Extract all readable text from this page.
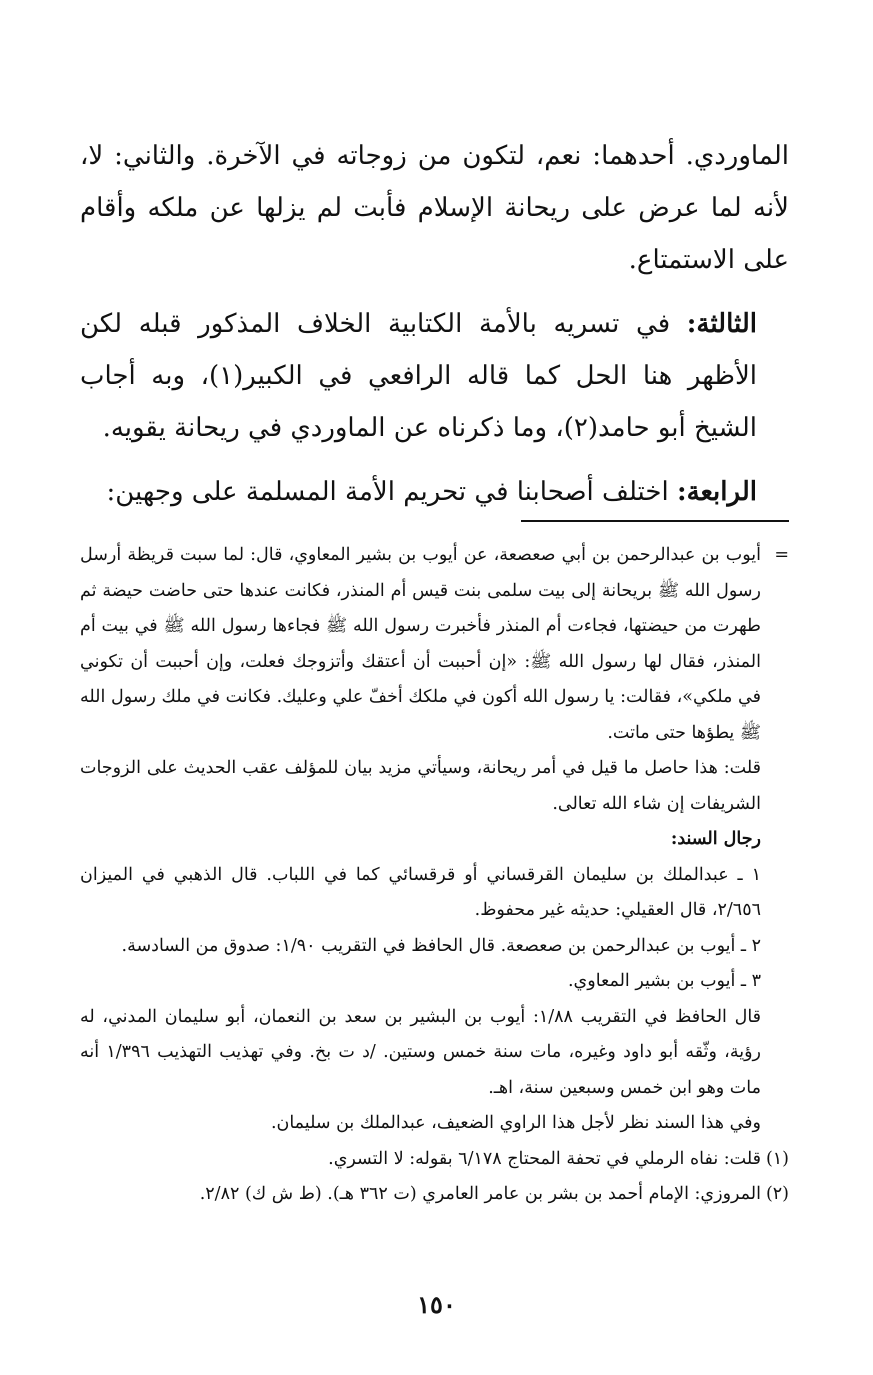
الماوردي. أحدهما: نعم، لتكون من زوجاته في الآخرة. والثاني: لا، لأنه لما عرض على ريحانة الإسلام فأبت لم يزلها عن ملكه وأقام على الاستمتاع.

الثالثة: في تسريه بالأمة الكتابية الخلاف المذكور قبله لكن الأظهر هنا الحل كما قاله الرافعي في الكبير(١)، وبه أجاب الشيخ أبو حامد(٢)، وما ذكرناه عن الماوردي في ريحانة يقويه.

الرابعة: اختلف أصحابنا في تحريم الأمة المسلمة على وجهين:

=

أيوب بن عبدالرحمن بن أبي صعصعة، عن أيوب بن بشير المعاوي، قال: لما سبت قريظة أرسل رسول الله ﷺ بريحانة إلى بيت سلمى بنت قيس أم المنذر، فكانت عندها حتى حاضت حيضة ثم طهرت من حيضتها، فجاءت أم المنذر فأخبرت رسول الله ﷺ فجاءها رسول الله ﷺ في بيت أم المنذر، فقال لها رسول الله ﷺ: «إن أحببت أن أعتقك وأتزوجك فعلت، وإن أحببت أن تكوني في ملكي»، فقالت: يا رسول الله أكون في ملكك أخفّ علي وعليك. فكانت في ملك رسول الله ﷺ يطؤها حتى ماتت.

قلت: هذا حاصل ما قيل في أمر ريحانة، وسيأتي مزيد بيان للمؤلف عقب الحديث على الزوجات الشريفات إن شاء الله تعالى.

رجال السند:

١ ـ عبدالملك بن سليمان القرقساني أو قرقسائي كما في اللباب. قال الذهبي في الميزان ٢/٦٥٦، قال العقيلي: حديثه غير محفوظ.

٢ ـ أيوب بن عبدالرحمن بن صعصعة. قال الحافظ في التقريب ١/٩٠: صدوق من السادسة.

٣ ـ أيوب بن بشير المعاوي.

قال الحافظ في التقريب ١/٨٨: أيوب بن البشير بن سعد بن النعمان، أبو سليمان المدني، له رؤية، وثّقه أبو داود وغيره، مات سنة خمس وستين. /د ت بخ. وفي تهذيب التهذيب ١/٣٩٦ أنه مات وهو ابن خمس وسبعين سنة، اهـ.

وفي هذا السند نظر لأجل هذا الراوي الضعيف، عبدالملك بن سليمان.

(١)

قلت: نفاه الرملي في تحفة المحتاج ٦/١٧٨ بقوله: لا التسري.

(٢)

المروزي: الإمام أحمد بن بشر بن عامر العامري (ت ٣٦٢ هـ). (ط ش ك) ٢/٨٢.

١٥٠
